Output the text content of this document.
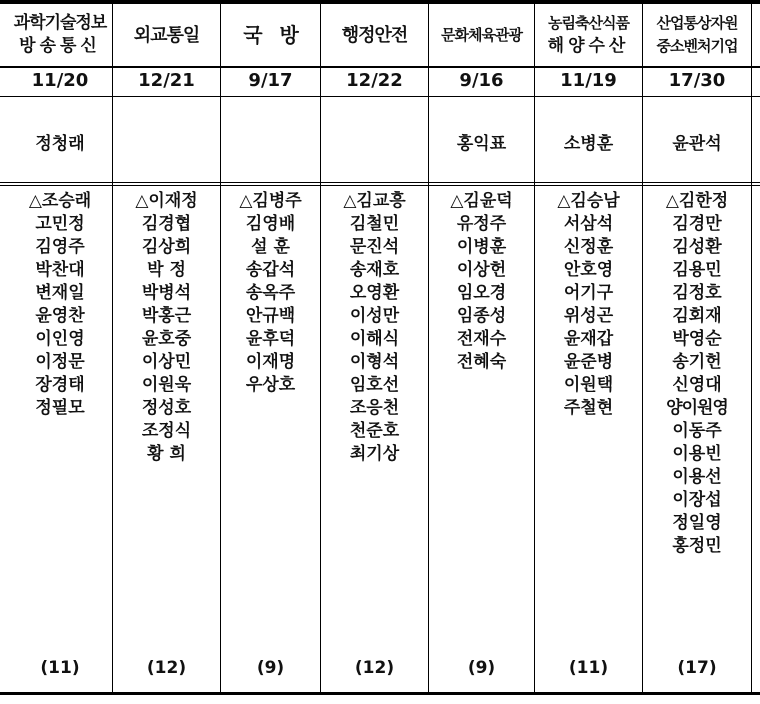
과학기술정보
방송통신
11/20
정청래
△조승래
고민정
김영주
박찬대
변재일
윤영찬
이인영
이정문
장경태
정필모
(11)
외교통일
12/21
△이재정
김경협
김상희
박 정
박병석
박홍근
윤호중
이상민
이원욱
정성호
조정식
황 희
(12)
국   방
9/17
△김병주
김영배
설 훈
송갑석
송옥주
안규백
윤후덕
이재명
우상호
(9)
행정안전
12/22
△김교흥
김철민
문진석
송재호
오영환
이성만
이해식
이형석
임호선
조응천
천준호
최기상
(12)
문화체육관광
9/16
홍익표
△김윤덕
유정주
이병훈
이상헌
임오경
임종성
전재수
전혜숙
(9)
농림축산식품
해양수산
11/19
소병훈
△김승남
서삼석
신정훈
안호영
어기구
위성곤
윤재갑
윤준병
이원택
주철현
(11)
산업통상자원
중소벤처기업
17/30
윤관석
△김한정
김경만
김성환
김용민
김정호
김회재
박영순
송기헌
신영대
양이원영
이동주
이용빈
이용선
이장섭
정일영
홍정민
(17)
